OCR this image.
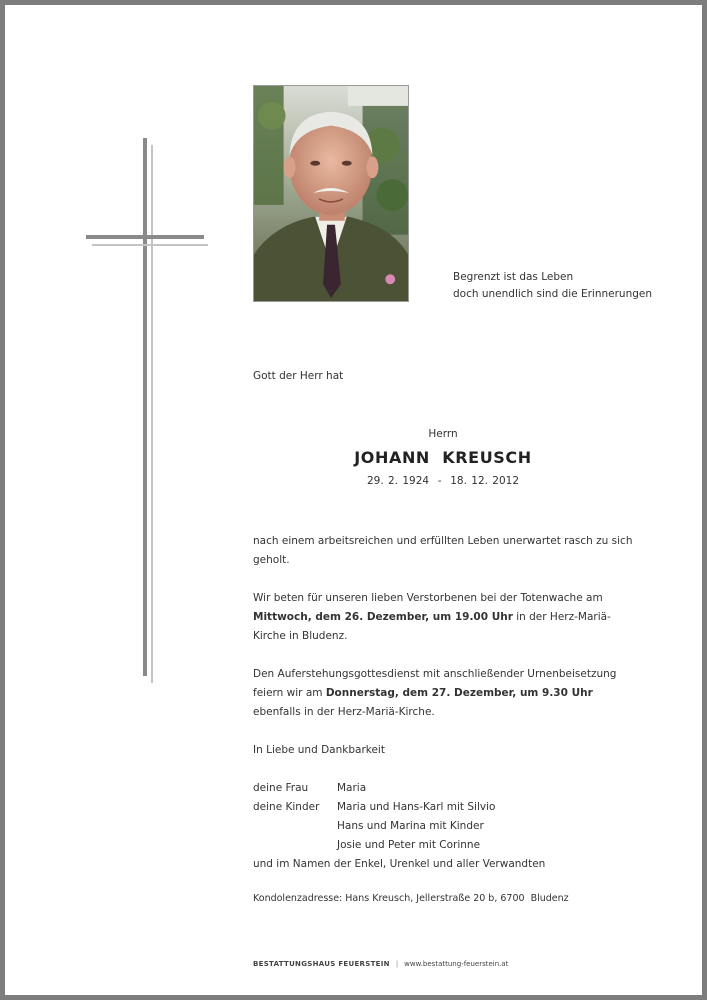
Begrenzt ist das Leben
doch unendlich sind die Erinnerungen
Gott der Herr hat
Herrn
JOHANN  KREUSCH
29. 2. 1924  -  18. 12. 2012
nach einem arbeitsreichen und erfüllten Leben unerwartet rasch zu sich geholt.
Wir beten für unseren lieben Verstorbenen bei der Totenwache am Mittwoch, dem 26. Dezember, um 19.00 Uhr in der Herz-Mariä-Kirche in Bludenz.
Den Auferstehungsgottesdienst mit anschließender Urnenbeisetzung feiern wir am Donnerstag, dem 27. Dezember, um 9.30 Uhr ebenfalls in der Herz-Mariä-Kirche.
In Liebe und Dankbarkeit
deine Frau	Maria
deine Kinder	Maria und Hans-Karl mit Silvio
Hans und Marina mit Kinder
Josie und Peter mit Corinne
und im Namen der Enkel, Urenkel und aller Verwandten
Kondolenzadresse: Hans Kreusch, Jellerstraße 20 b, 6700  Bludenz
BESTATTUNGSHAUS FEUERSTEIN | www.bestattung-feuerstein.at
